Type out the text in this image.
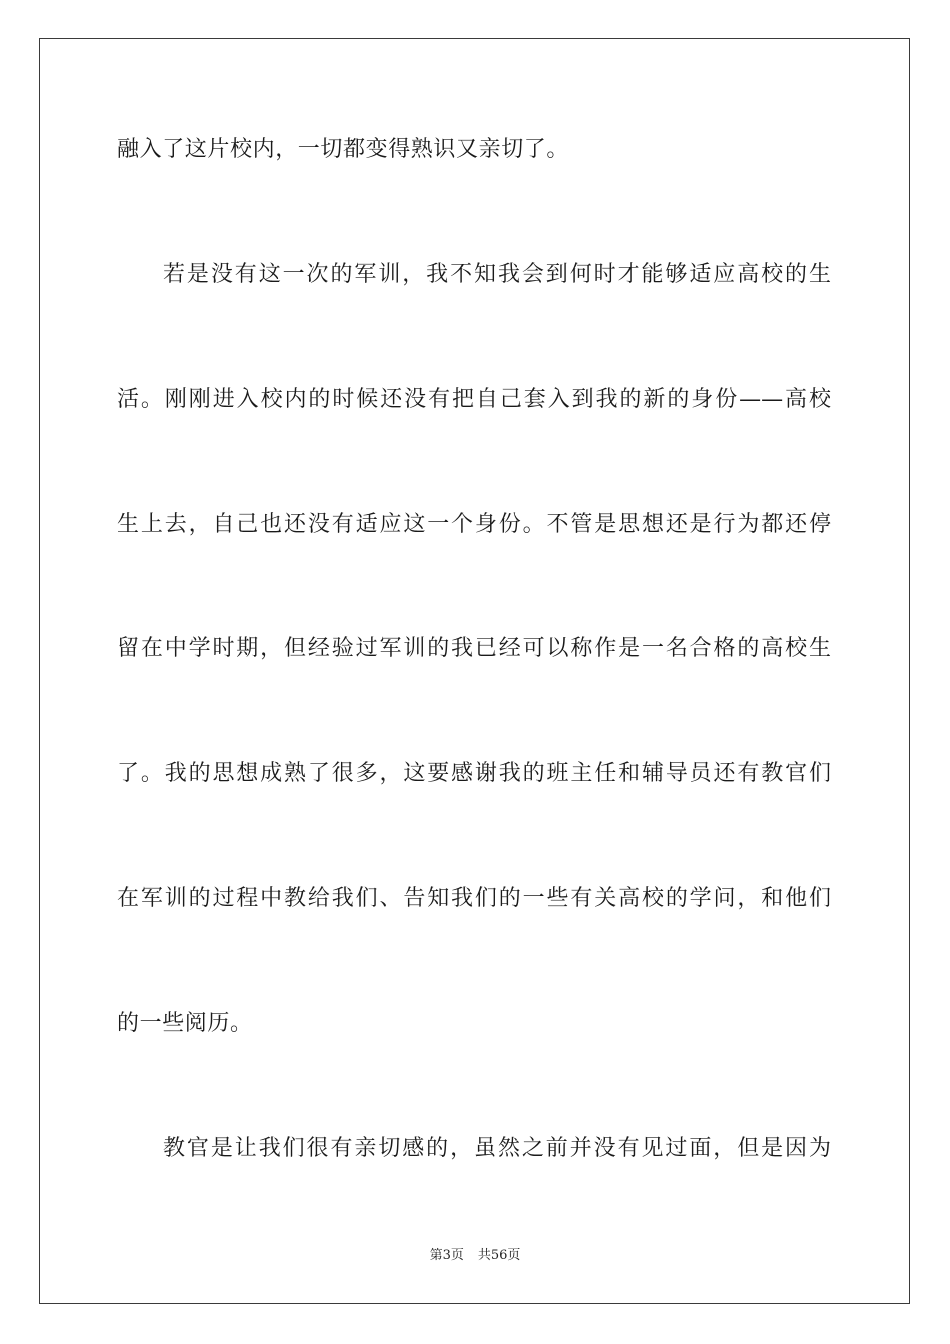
融入了这片校内，一切都变得熟识又亲切了。
若是没有这一次的军训，我不知我会到何时才能够适应高校的生
活。刚刚进入校内的时候还没有把自己套入到我的新的身份——高校
生上去，自己也还没有适应这一个身份。不管是思想还是行为都还停
留在中学时期，但经验过军训的我已经可以称作是一名合格的高校生
了。我的思想成熟了很多，这要感谢我的班主任和辅导员还有教官们
在军训的过程中教给我们、告知我们的一些有关高校的学问，和他们
的一些阅历。
教官是让我们很有亲切感的，虽然之前并没有见过面，但是因为
第3页 共56页
